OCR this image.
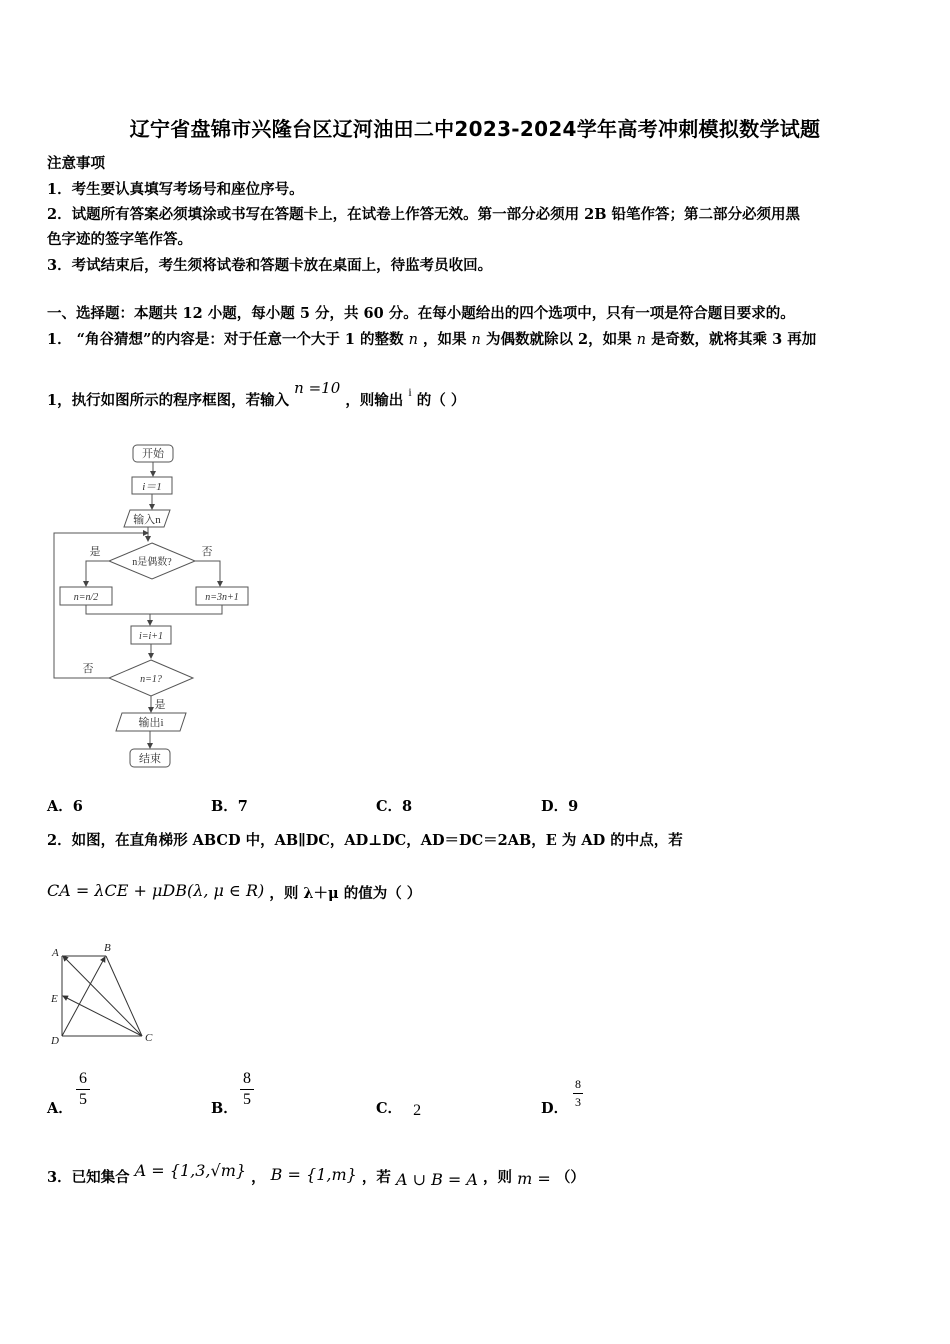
辽宁省盘锦市兴隆台区辽河油田二中2023-2024学年高考冲刺模拟数学试题
注意事项
1．考生要认真填写考场号和座位序号。
2．试题所有答案必须填涂或书写在答题卡上，在试卷上作答无效。第一部分必须用 2B 铅笔作答；第二部分必须用黑
色字迹的签字笔作答。
3．考试结束后，考生须将试卷和答题卡放在桌面上，待监考员收回。
一、选择题：本题共 12 小题，每小题 5 分，共 60 分。在每小题给出的四个选项中，只有一项是符合题目要求的。
1． “角谷猜想”的内容是：对于任意一个大于 1 的整数 n ，如果 n 为偶数就除以 2，如果 n 是奇数，就将其乘 3 再加
1，执行如图所示的程序框图，若输入 n =10 ，则输出 $^i$ 的（ ）
开始
i＝1
输入n
n是偶数?
是	否
n=n/2	n=3n+1
i=i+1
n=1?
否
是
输出i
结束
A．6	B．7	C．8	D．9
2．如图，在直角梯形 ABCD 中，AB∥DC，AD⊥DC，AD＝DC＝2AB，E 为 AD 的中点，若
CA = λCE + μDB(λ, μ ∈ R) ，则 λ＋μ 的值为（ ）
A	B
E
D	C
A．
6
5
B．
8
5
C． 2	D．
8
3
3．已知集合 A = {1,3,√m} ， B = {1,m} ，若 A ∪ B = A ，则 m = （）
